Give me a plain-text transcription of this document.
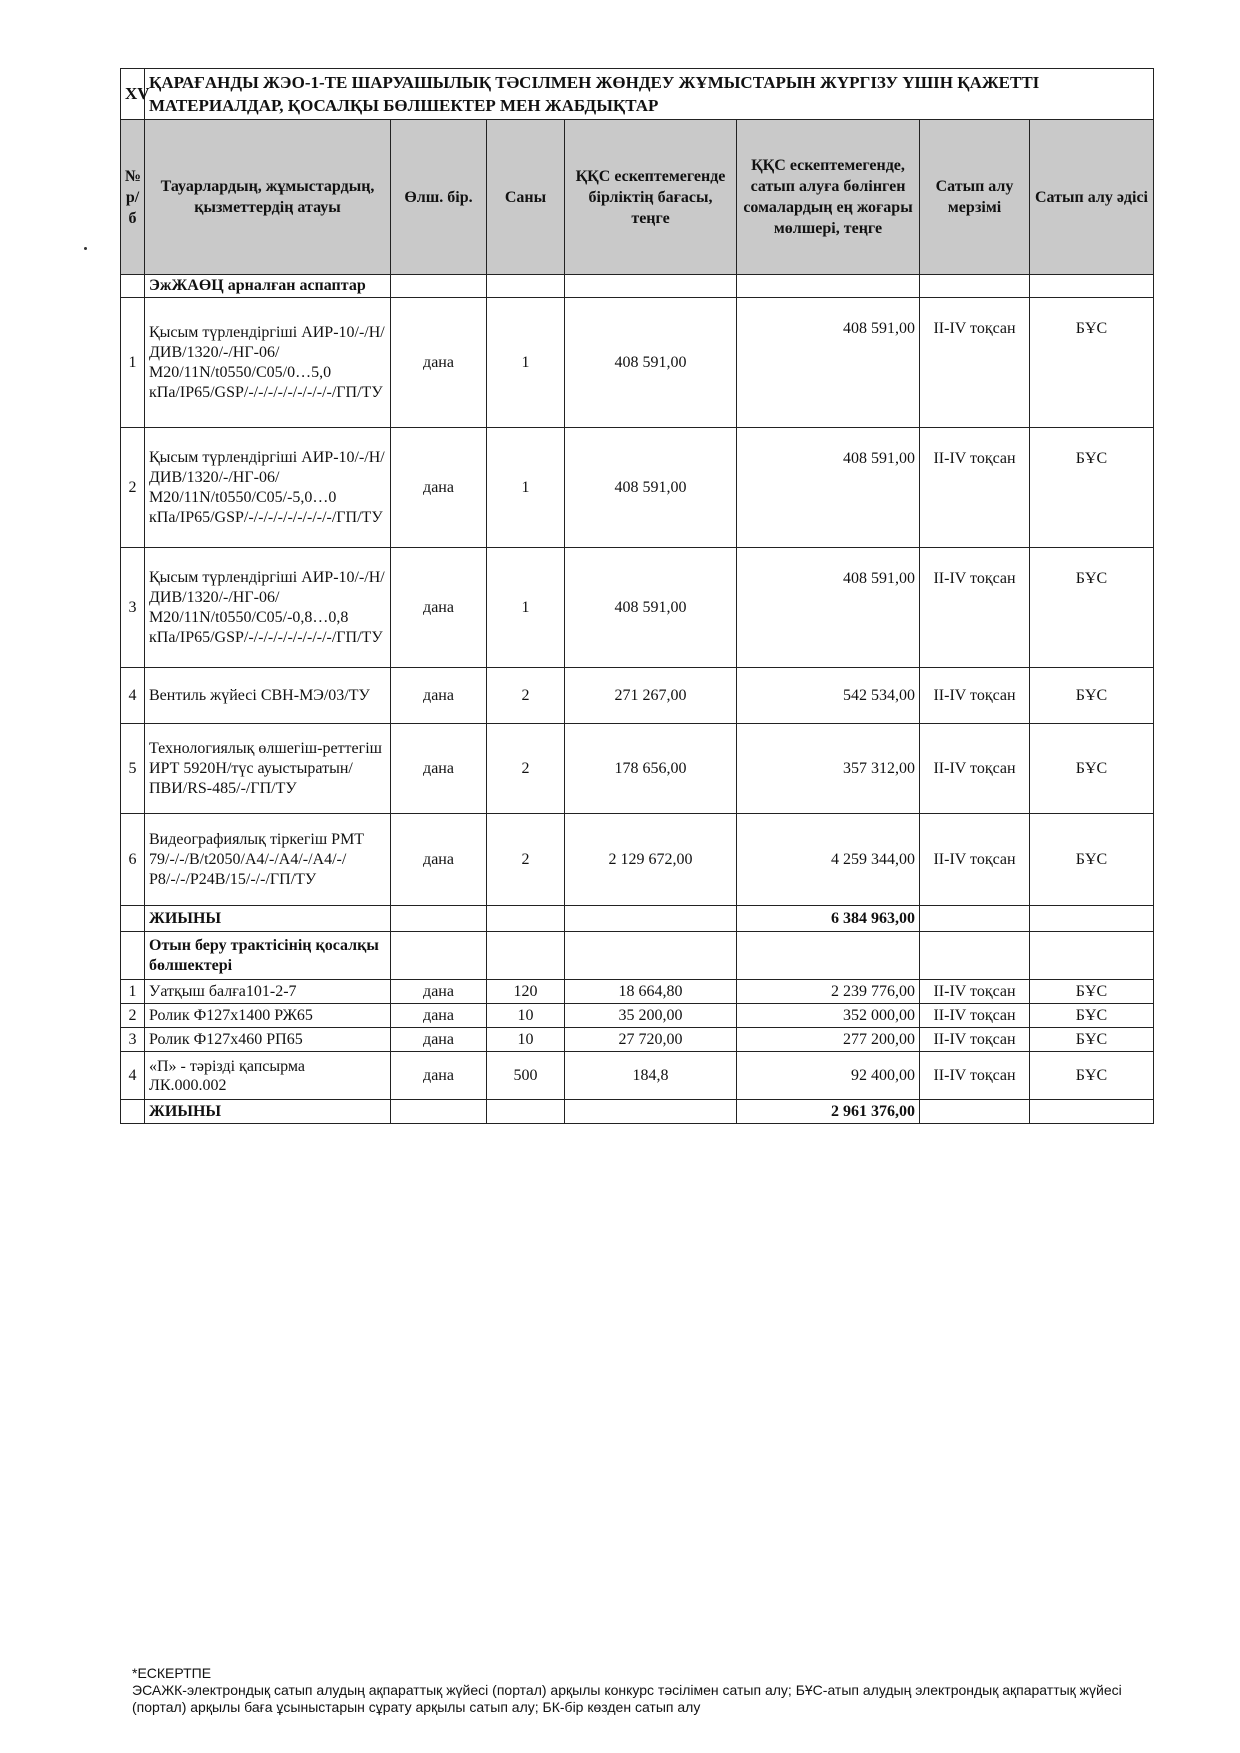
XV	ҚАРАҒАНДЫ ЖЭО-1-ТЕ ШАРУАШЫЛЫҚ ТӘСІЛМЕН ЖӨНДЕУ ЖҰМЫСТАРЫН ЖҮРГІЗУ ҮШІН ҚАЖЕТТІ МАТЕРИАЛДАР, ҚОСАЛҚЫ БӨЛШЕКТЕР МЕН ЖАБДЫҚТАР						
№ р/б	Тауарлардың, жұмыстардың, қызметтердің атауы	Өлш. бір.	Саны	ҚҚС ескептемегенде бірліктің бағасы, теңге	ҚҚС ескептемегенде, сатып алуға бөлінген сомалардың ең жоғары мөлшері, теңге	Сатып алу мерзімі	Сатып алу әдісі
	ЭжЖАӨЦ арналған аспаптар						
1	Қысым түрлендіргіші АИР-10/-/Н/ДИВ/1320/-/НГ-06/М20/11N/t0550/C05/0…5,0 кПа/IP65/GSP/-/-/-/-/-/-/-/-/-/ГП/ТУ	дана	1	408 591,00	408 591,00	II-IV тоқсан	БҰС
2	Қысым түрлендіргіші АИР-10/-/Н/ДИВ/1320/-/НГ-06/М20/11N/t0550/C05/-5,0…0 кПа/IP65/GSP/-/-/-/-/-/-/-/-/-/ГП/ТУ	дана	1	408 591,00	408 591,00	II-IV тоқсан	БҰС
3	Қысым түрлендіргіші АИР-10/-/Н/ДИВ/1320/-/НГ-06/М20/11N/t0550/C05/-0,8…0,8 кПа/IP65/GSP/-/-/-/-/-/-/-/-/-/ГП/ТУ	дана	1	408 591,00	408 591,00	II-IV тоқсан	БҰС
4	Вентиль жүйесі СВН-МЭ/03/ТУ	дана	2	271 267,00	542 534,00	II-IV тоқсан	БҰС
5	Технологиялық өлшегіш-реттегіш ИРТ 5920Н/түс ауыстыратын/ПВИ/RS-485/-/ГП/ТУ	дана	2	178 656,00	357 312,00	II-IV тоқсан	БҰС
6	Видеографиялық тіркегіш РМТ 79/-/-/В/t2050/А4/-/А4/-/А4/-/Р8/-/-/Р24В/15/-/-/ГП/ТУ	дана	2	2 129 672,00	4 259 344,00	II-IV тоқсан	БҰС
	ЖИЫНЫ				6 384 963,00		
	Отын беру трактісінің қосалқы бөлшектері						
1	Уатқыш балға101-2-7	дана	120	18 664,80	2 239 776,00	II-IV тоқсан	БҰС
2	Ролик Ф127х1400 РЖ65	дана	10	35 200,00	352 000,00	II-IV тоқсан	БҰС
3	Ролик Ф127х460 РП65	дана	10	27 720,00	277 200,00	II-IV тоқсан	БҰС
4	«П» - тәрізді қапсырма ЛК.000.002	дана	500	184,8	92 400,00	II-IV тоқсан	БҰС
	ЖИЫНЫ				2 961 376,00		
*ЕСКЕРТПЕ
ЭСАЖК-электрондық сатып алудың ақпараттық жүйесі (портал) арқылы конкурс тәсілімен сатып алу; БҰС-атып алудың электрондық ақпараттық жүйесі (портал) арқылы баға ұсыныстарын сұрату арқылы сатып алу; БК-бір көзден сатып алу
